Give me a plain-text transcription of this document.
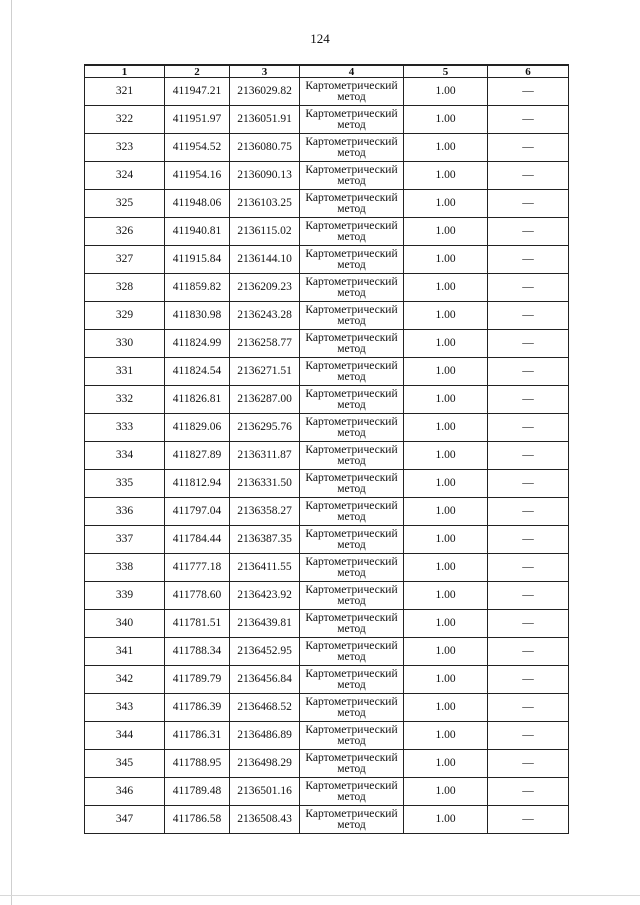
124
1	2	3	4	5	6
321	411947.21	2136029.82	Картометрический
метод	1.00	—
322	411951.97	2136051.91	Картометрический
метод	1.00	—
323	411954.52	2136080.75	Картометрический
метод	1.00	—
324	411954.16	2136090.13	Картометрический
метод	1.00	—
325	411948.06	2136103.25	Картометрический
метод	1.00	—
326	411940.81	2136115.02	Картометрический
метод	1.00	—
327	411915.84	2136144.10	Картометрический
метод	1.00	—
328	411859.82	2136209.23	Картометрический
метод	1.00	—
329	411830.98	2136243.28	Картометрический
метод	1.00	—
330	411824.99	2136258.77	Картометрический
метод	1.00	—
331	411824.54	2136271.51	Картометрический
метод	1.00	—
332	411826.81	2136287.00	Картометрический
метод	1.00	—
333	411829.06	2136295.76	Картометрический
метод	1.00	—
334	411827.89	2136311.87	Картометрический
метод	1.00	—
335	411812.94	2136331.50	Картометрический
метод	1.00	—
336	411797.04	2136358.27	Картометрический
метод	1.00	—
337	411784.44	2136387.35	Картометрический
метод	1.00	—
338	411777.18	2136411.55	Картометрический
метод	1.00	—
339	411778.60	2136423.92	Картометрический
метод	1.00	—
340	411781.51	2136439.81	Картометрический
метод	1.00	—
341	411788.34	2136452.95	Картометрический
метод	1.00	—
342	411789.79	2136456.84	Картометрический
метод	1.00	—
343	411786.39	2136468.52	Картометрический
метод	1.00	—
344	411786.31	2136486.89	Картометрический
метод	1.00	—
345	411788.95	2136498.29	Картометрический
метод	1.00	—
346	411789.48	2136501.16	Картометрический
метод	1.00	—
347	411786.58	2136508.43	Картометрический
метод	1.00	—
